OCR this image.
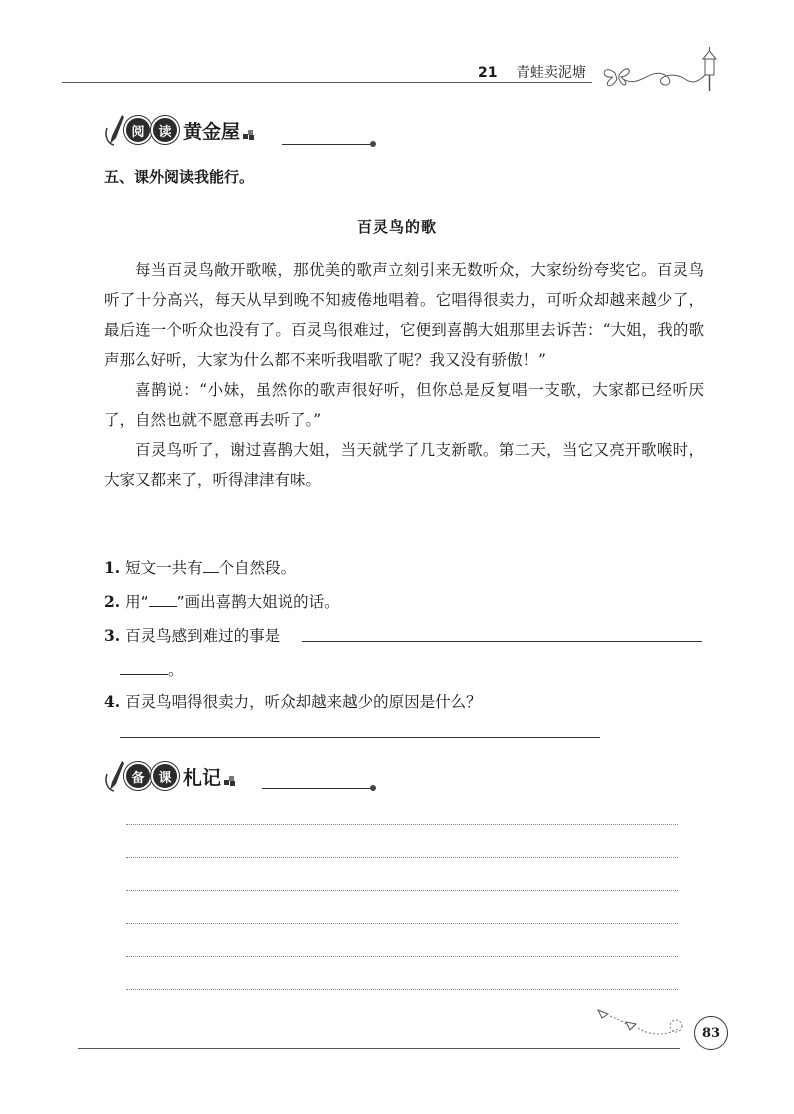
21 青蛙卖泥塘
阅	读 黄金屋
五、课外阅读我能行。
百灵鸟的歌

每当百灵鸟敞开歌喉，那优美的歌声立刻引来无数听众，大家纷纷夸奖它。百灵鸟听了十分高兴，每天从早到晚不知疲倦地唱着。它唱得很卖力，可听众却越来越少了，最后连一个听众也没有了。百灵鸟很难过，它便到喜鹊大姐那里去诉苦：“大姐，我的歌声那么好听，大家为什么都不来听我唱歌了呢？我又没有骄傲！”

喜鹊说：“小妹，虽然你的歌声很好听，但你总是反复唱一支歌，大家都已经听厌了，自然也就不愿意再去听了。”

百灵鸟听了，谢过喜鹊大姐，当天就学了几支新歌。第二天，当它又亮开歌喉时，大家又都来了，听得津津有味。

1. 短文一共有 个自然段。
2. 用“ ”画出喜鹊大姐说的话。
3. 百灵鸟感到难过的事是
。
4. 百灵鸟唱得很卖力，听众却越来越少的原因是什么？
备	课 札记
83
